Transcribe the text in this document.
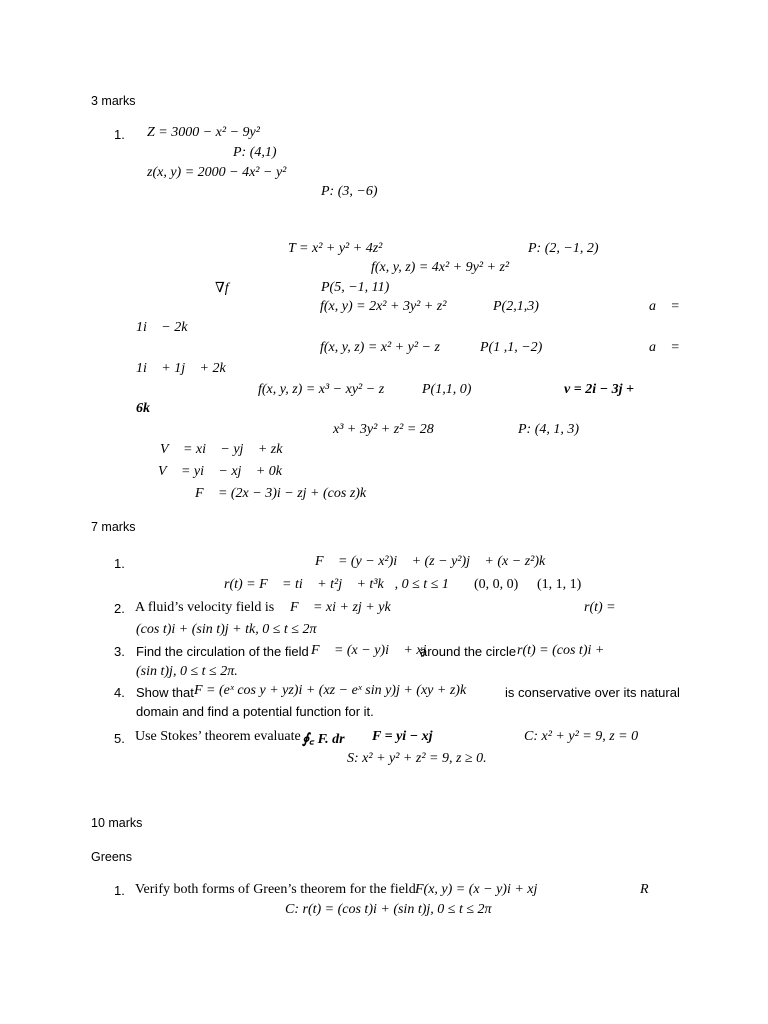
3 marks
1. Z = 3000 − x² − 9y²
P: (4,1)
z(x, y) = 2000 − 4x² − y²
P: (3, −6)
T = x² + y² + 4z²	P: (2, −1, 2)
f(x, y, z) = 4x² + 9y² + z²
∇f	P(5, −1, 11)
f(x, y) = 2x² + 3y² + z²	P(2,1,3)	a⃗ =
1i⃗ − 2k⃗
f(x, y, z) = x² + y² − z	P(1 ,1, −2)	a⃗ =
1i⃗ + 1j⃗ + 2k⃗
f(x, y, z) = x³ − xy² − z	P(1,1, 0)	v = 2i − 3j +
6k
x³ + 3y² + z² = 28	P: (4, 1, 3)
V⃗ = xi⃗ − yj⃗ + zk⃗
V⃗ = yi⃗ − xj⃗ + 0k⃗
F⃗ = (2x − 3)i − zj + (cos z)k
7 marks
1.	F⃗ = (y − x²)i⃗ + (z − y²)j⃗ + (x − z²)k⃗
r(t) = F⃗ = ti⃗ + t²j⃗ + t³k⃗, 0 ≤ t ≤ 1 (0, 0, 0) (1, 1, 1)
2. A fluid’s velocity field is F⃗ = xi + zj + yk	r(t) =
(cos t)i + (sin t)j + tk, 0 ≤ t ≤ 2π
3. Find the circulation of the field F⃗ = (x − y)i⃗ + xj⃗
around the circle r(t) = (cos t)i +
(sin t)j, 0 ≤ t ≤ 2π.
4. Show that F = (eˣ cos y + yz)i + (xz − eˣ sin y)j + (xy + z)k	is conservative over its natural
domain and find a potential function for it.
5. Use Stokes’ theorem evaluate ∮꜀ F. dr F = yi − xj	C: x² + y² = 9, z = 0
S: x² + y² + z² = 9, z ≥ 0.
10 marks
Greens
1. Verify both forms of Green’s theorem for the field F(x, y) = (x − y)i + xj	R
C: r(t) = (cos t)i + (sin t)j, 0 ≤ t ≤ 2π
